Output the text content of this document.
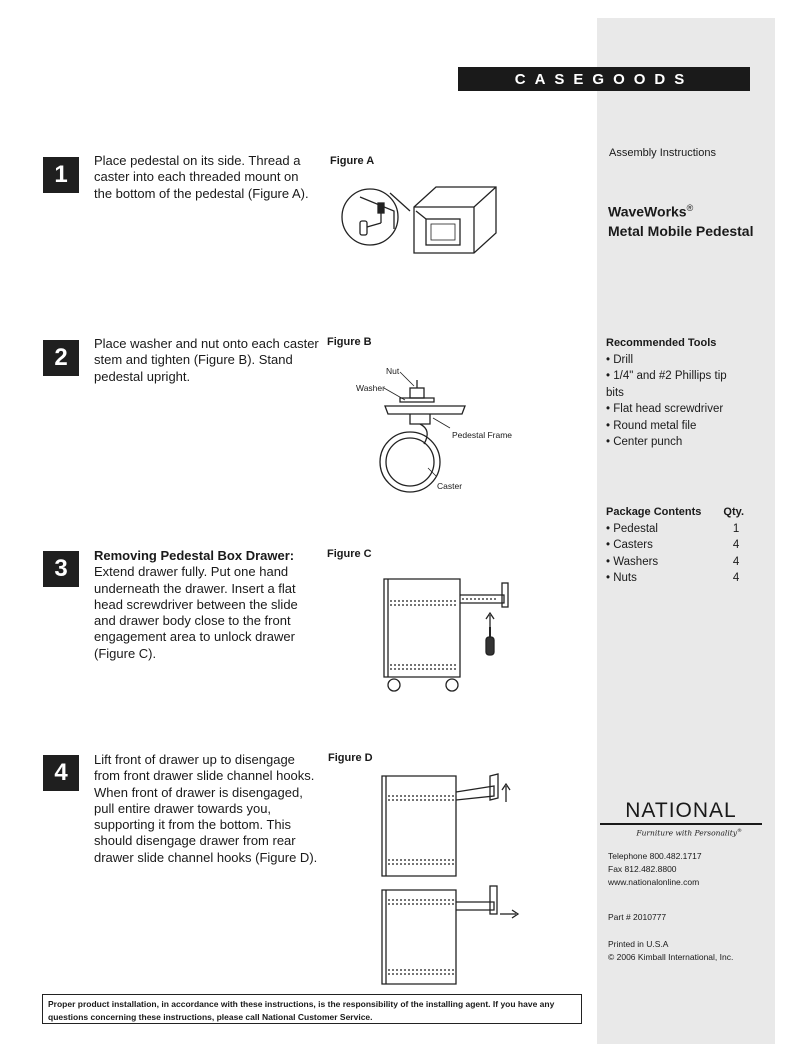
CASEGOODS
1
Place pedestal on its side. Thread a caster into each threaded mount on the bottom of the pedestal (Figure A).
Figure A
2
Place washer and nut onto each caster stem and tighten (Figure B). Stand pedestal upright.
Figure B
Nut
Washer
Pedestal Frame
Caster
3	Removing Pedestal Box Drawer:
Extend drawer fully. Put one hand underneath the drawer. Insert a flat head screwdriver between the slide and drawer body close to the front engagement area to unlock drawer (Figure C).
Figure C
4	Lift front of drawer up to disengage from front drawer slide channel hooks. When front of drawer is disengaged, pull entire drawer towards you, supporting it from the bottom. This should disengage drawer from rear drawer slide channel hooks (Figure D).
Figure D
Assembly Instructions
WaveWorks®
Metal Mobile Pedestal
Recommended Tools
• Drill
• 1/4" and #2 Phillips tip bits
• Flat head screwdriver
• Round metal file
• Center punch
Package Contents Qty.
• Pedestal	1
• Casters	4
• Washers	4
• Nuts	4
NATIONAL
Furniture with Personality®
Telephone 800.482.1717
Fax 812.482.8800
www.nationalonline.com
Part # 2010777
Printed in U.S.A
© 2006 Kimball International, Inc.
Proper product installation, in accordance with these instructions, is the responsibility of the installing agent. If you have any questions concerning these instructions, please call National Customer Service.
